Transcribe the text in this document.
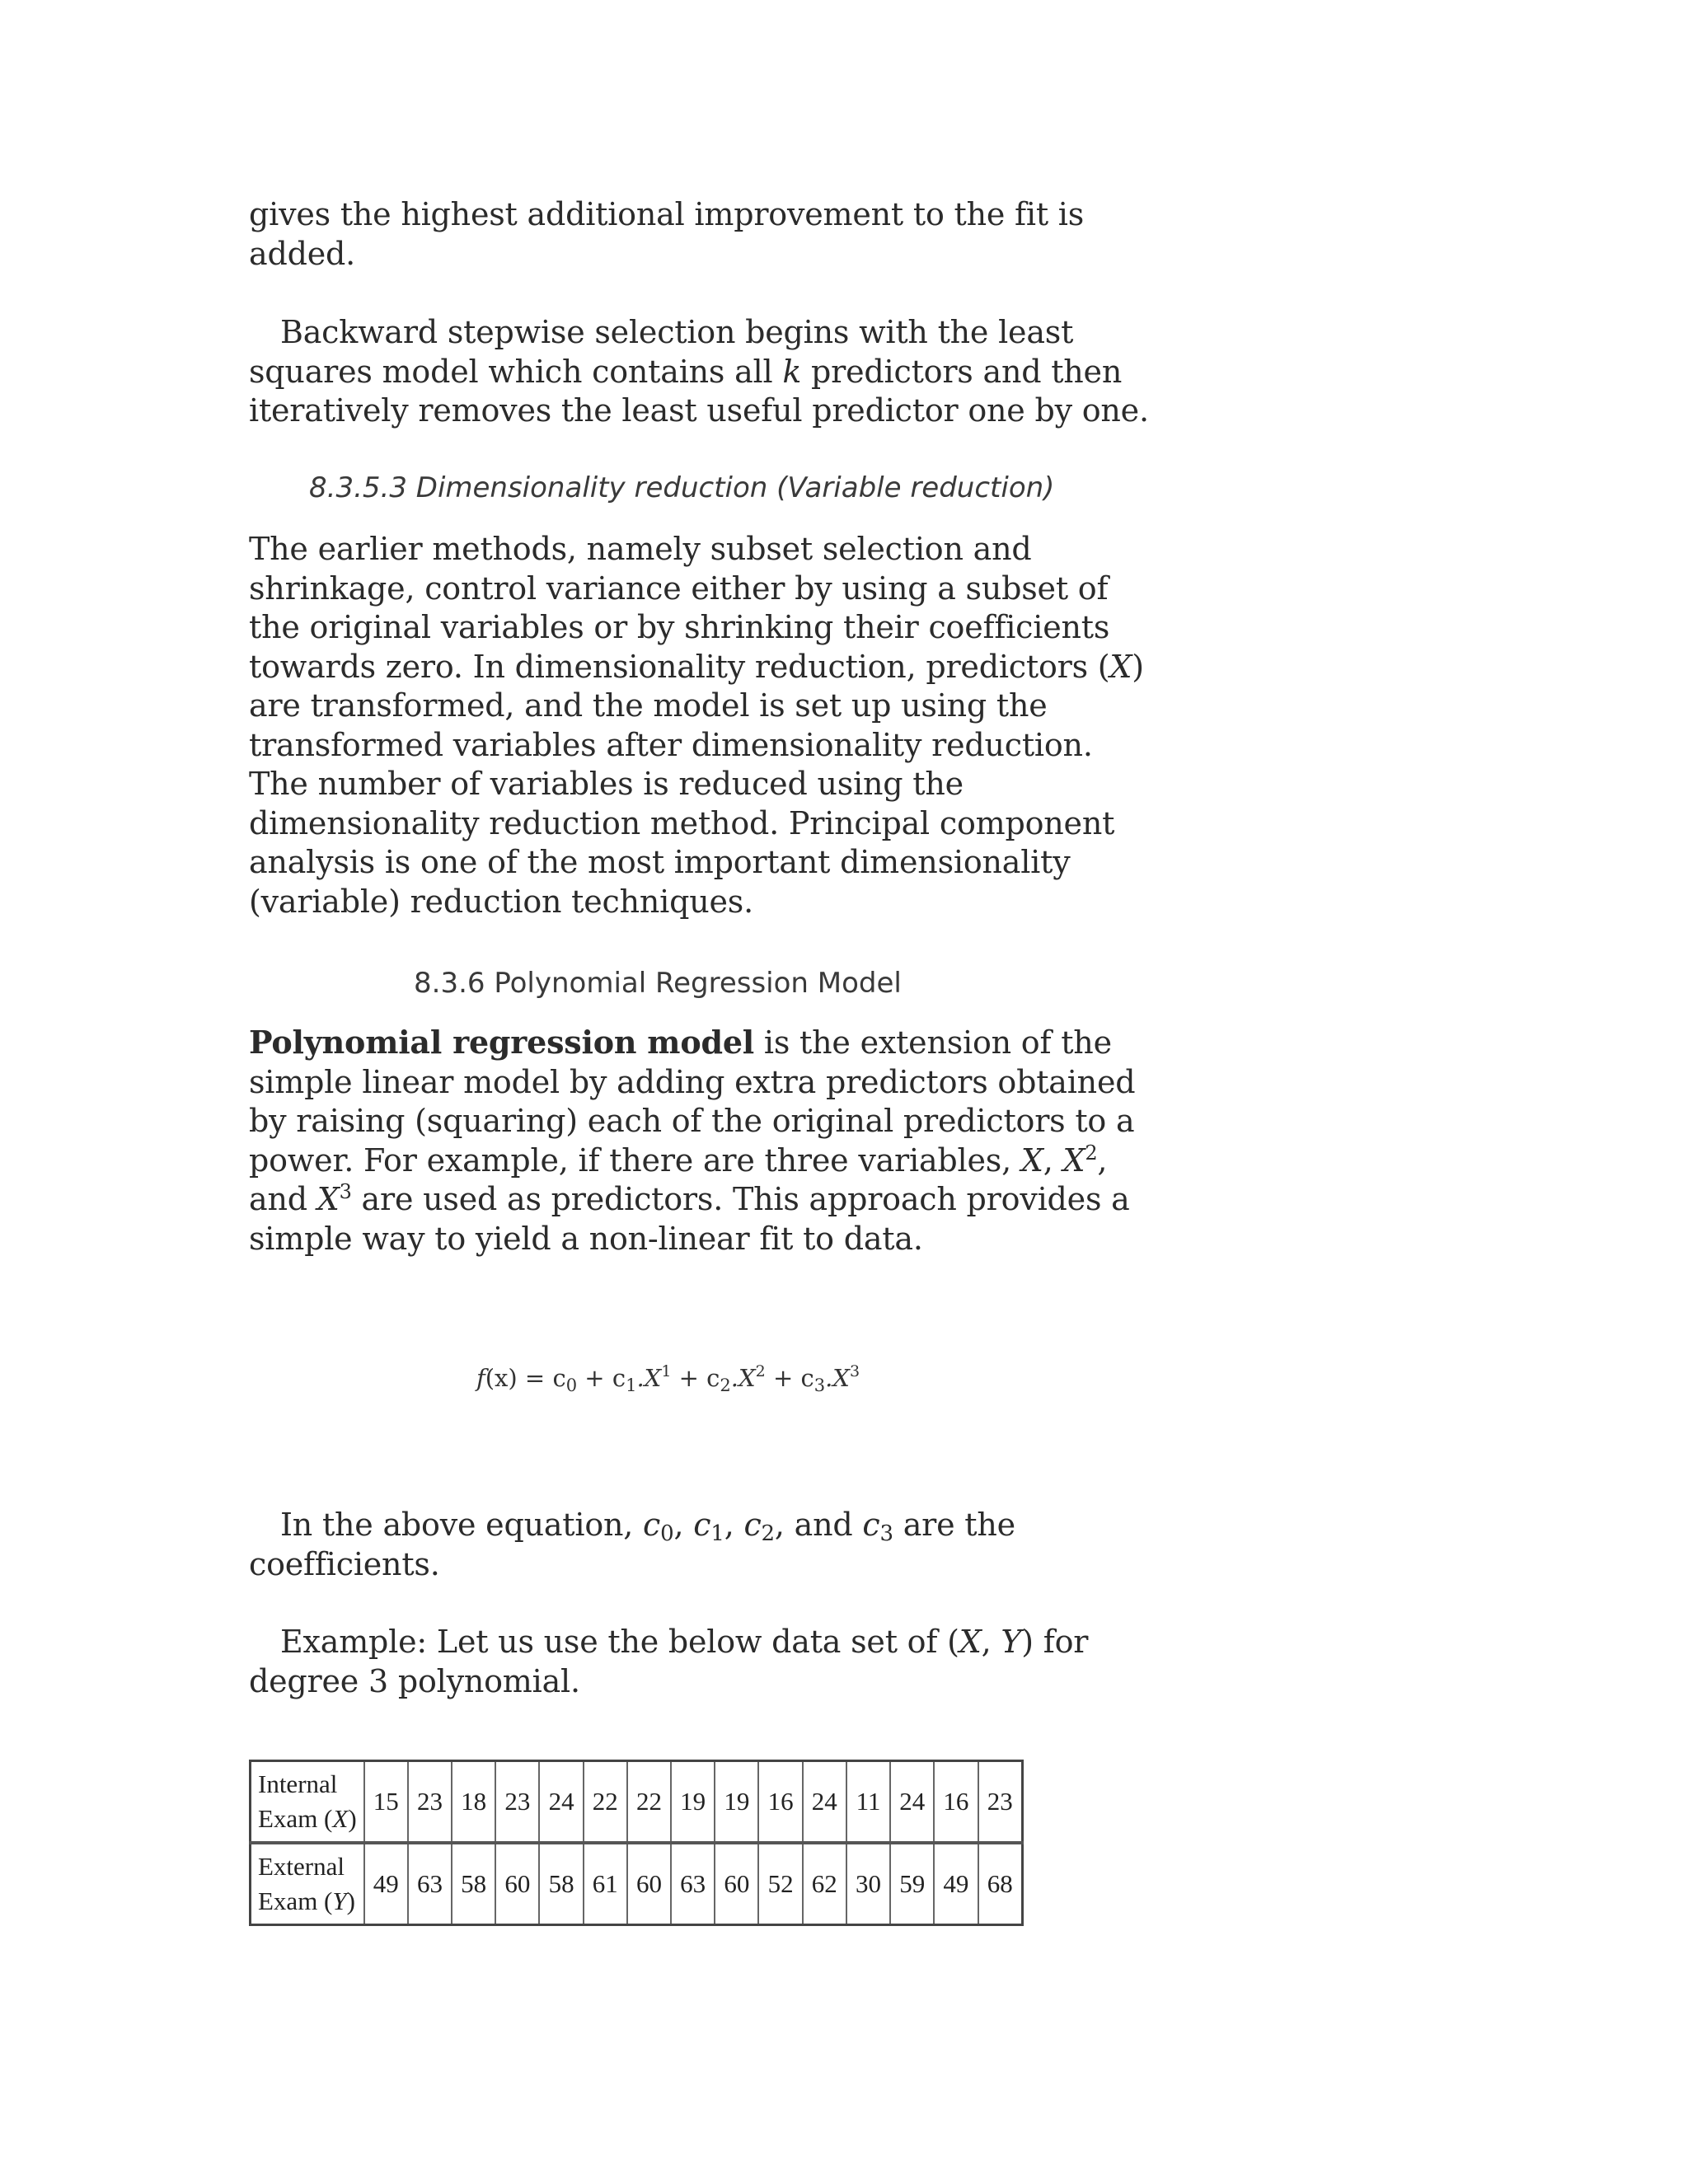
gives the highest additional improvement to the fit is
added.

Backward stepwise selection begins with the least
squares model which contains all k predictors and then
iteratively removes the least useful predictor one by one.

8.3.5.3 Dimensionality reduction (Variable reduction)

The earlier methods, namely subset selection and
shrinkage, control variance either by using a subset of
the original variables or by shrinking their coefficients
towards zero. In dimensionality reduction, predictors (X)
are transformed, and the model is set up using the
transformed variables after dimensionality reduction.
The number of variables is reduced using the
dimensionality reduction method. Principal component
analysis is one of the most important dimensionality
(variable) reduction techniques.

8.3.6 Polynomial Regression Model

Polynomial regression model is the extension of the
simple linear model by adding extra predictors obtained
by raising (squaring) each of the original predictors to a
power. For example, if there are three variables, X, $X^2$,
and $X^3$ are used as predictors. This approach provides a
simple way to yield a non-linear fit to data.

$f(x) = c_0 + c_1.X^1 + c_2.X^2 + c_3.X^3$

In the above equation, $c_0$, $c_1$, $c_2$, and $c_3$ are the
coefficients.

Example: Let us use the below data set of (X, Y) for
degree 3 polynomial.

Internal
Exam (X)	15	23	18	23	24	22	22	19	19	16	24	11	24	16	23
External
Exam (Y)	49	63	58	60	58	61	60	63	60	52	62	30	59	49	68
